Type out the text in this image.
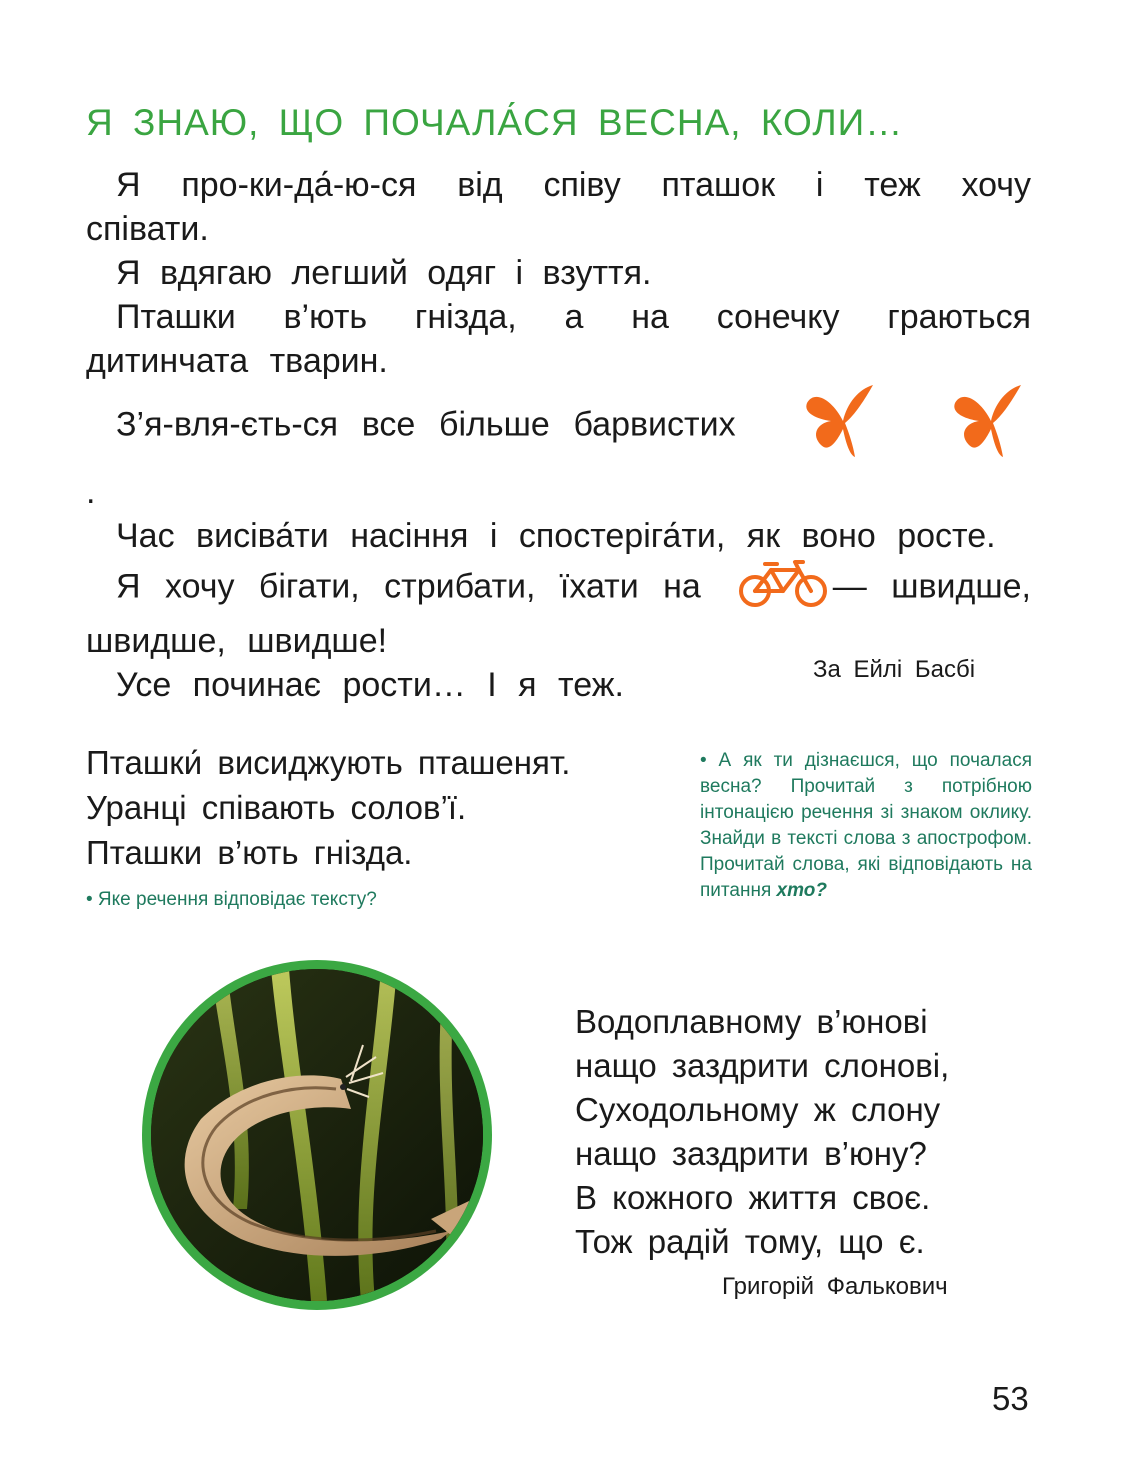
Я ЗНАЮ, ЩО ПОЧАЛА́СЯ ВЕСНА, КОЛИ…

Я про-ки-да́-ю-ся від співу пташок і теж хочу співати.

Я вдягаю легший одяг і взуття.

Пташки в’ють гнізда, а на сонечку граються дитинчата тварин.

З’я-вля-єть-ся все більше барвистих   .

Час висіва́ти насіння і спостеріга́ти, як воно росте.

Я хочу бігати, стрибати, їхати на	— швидше, швидше, швидше!

Усе починає рости… І я теж.	За Ейлі Басбі
Пташки́ висиджують пташенят.
Уранці співають солов’ї.
Пташки в’ють гнізда.
• Яке речення відповідає тексту?
• А як ти дізнаєшся, що почалася весна? Прочитай з потрібною інтонацією речення зі знаком оклику. Знайди в тексті слова з апострофом. Прочитай слова, які відповідають на питання хто?
Водоплавному в’юнові
нащо заздрити слонові,
Суходольному ж слону
нащо заздрити в’юну?
В кожного життя своє.
Тож радій тому, що є.
Григорій Фалькович
53
